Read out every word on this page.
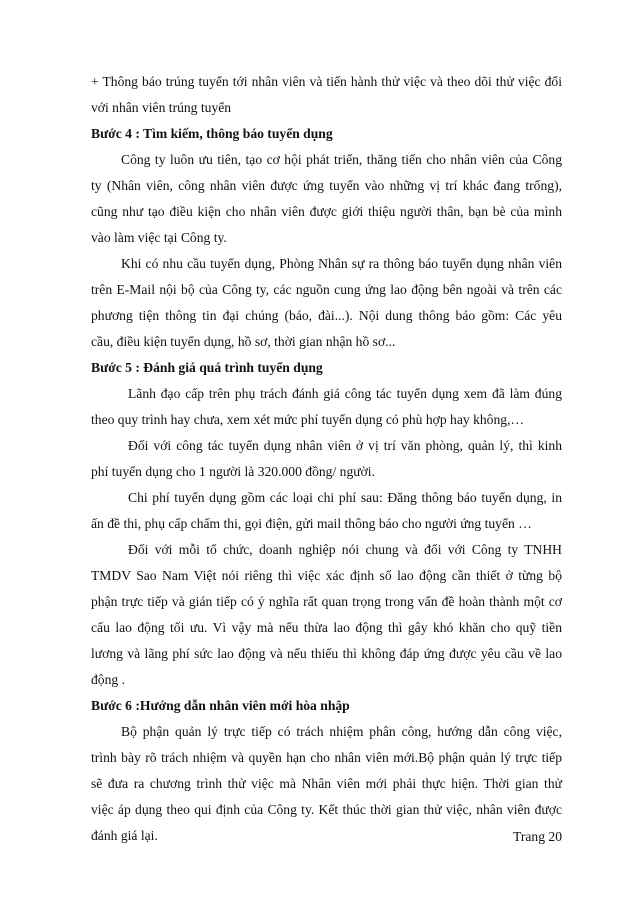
+ Thông báo trúng tuyển tới nhân viên và tiến hành thử việc và theo dõi thử việc đối
với nhân viên trúng tuyển
Bước 4 : Tìm kiếm, thông báo tuyển dụng
Công ty luôn ưu tiên, tạo cơ hội phát triển, thăng tiến cho nhân viên của Công
ty (Nhân viên, công nhân viên được ứng tuyển vào những vị trí khác đang trống),
cũng như tạo điều kiện cho nhân viên được giới thiệu người thân, bạn bè của mình
vào làm việc tại Công ty.
Khi có nhu cầu tuyển dụng, Phòng Nhân sự ra thông báo tuyển dụng nhân viên
trên E-Mail nội bộ của Công ty, các nguồn cung ứng lao động bên ngoài và trên các
phương tiện thông tin đại chúng (báo, đài...). Nội dung thông báo gồm: Các yêu
cầu, điều kiện tuyển dụng, hồ sơ, thời gian nhận hồ sơ...
Bước 5 : Đánh giá quá trình tuyển dụng
Lãnh đạo cấp trên phụ trách đánh giá công tác tuyển dụng xem đã làm đúng
theo quy trình hay chưa, xem xét mức phí tuyển dụng có phù hợp hay không,…
Đối với công tác tuyển dụng nhân viên ở vị trí văn phòng, quản lý, thì kinh
phí tuyển dụng cho 1 người là 320.000 đồng/ người.
Chi phí tuyển dụng gồm các loại chi phí sau: Đăng thông báo tuyển dụng, in
ấn đề thi, phụ cấp chấm thi, gọi điện, gửi mail thông báo cho người ứng tuyển …
Đối với mỗi tổ chức, doanh nghiệp nói chung và đối với Công ty TNHH
TMDV Sao Nam Việt nói riêng thì việc xác định số lao động cần thiết ở từng bộ
phận trực tiếp và gián tiếp có ý nghĩa rất quan trọng trong vấn đề hoàn thành một cơ
cấu lao động tối ưu. Vì vậy mà nếu thừa lao động thì gây khó khăn cho quỹ tiền
lương và lãng phí sức lao động và nếu thiếu thì không đáp ứng được yêu cầu về lao
động .
Bước 6 :Hướng dẫn nhân viên mới hòa nhập
Bộ phận quản lý trực tiếp có trách nhiệm phân công, hướng dẫn công việc,
trình bày rõ trách nhiệm và quyền hạn cho nhân viên mới.Bộ phận quản lý trực tiếp
sẽ đưa ra chương trình thử việc mà Nhân viên mới phải thực hiện. Thời gian thử
việc áp dụng theo qui định của Công ty. Kết thúc thời gian thử việc, nhân viên được
đánh giá lại.	Trang 20
